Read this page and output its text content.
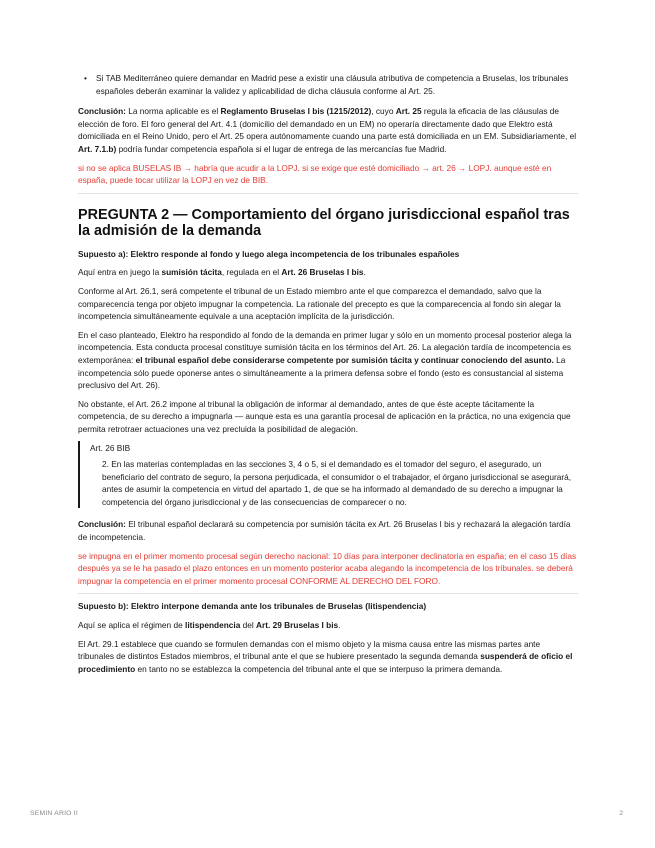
•	Si TAB Mediterráneo quiere demandar en Madrid pese a existir una cláusula atributiva de competencia a Bruselas, los tribunales españoles deberán examinar la validez y aplicabilidad de dicha cláusula conforme al Art. 25.

Conclusión: La norma aplicable es el Reglamento Bruselas I bis (1215/2012), cuyo Art. 25 regula la eficacia de las cláusulas de elección de foro. El foro general del Art. 4.1 (domicilio del demandado en un EM) no operaría directamente dado que Elektro está domiciliada en el Reino Unido, pero el Art. 25 opera autónomamente cuando una parte está domiciliada en un EM. Subsidiariamente, el Art. 7.1.b) podría fundar competencia española si el lugar de entrega de las mercancías fue Madrid.

si no se aplica BUSELAS IB → habría que acudir a la LOPJ. si se exige que esté domiciliado → art. 26 → LOPJ. aunque esté en españa, puede tocar utilizar la LOPJ en vez de BIB.

PREGUNTA 2 — Comportamiento del órgano jurisdiccional español tras la admisión de la demanda
Supuesto a): Elektro responde al fondo y luego alega incompetencia de los tribunales españoles

Aquí entra en juego la sumisión tácita, regulada en el Art. 26 Bruselas I bis.

Conforme al Art. 26.1, será competente el tribunal de un Estado miembro ante el que comparezca el demandado, salvo que la comparecencia tenga por objeto impugnar la competencia. La rationale del precepto es que la comparecencia al fondo sin alegar la incompetencia simultáneamente equivale a una aceptación implícita de la jurisdicción.

En el caso planteado, Elektro ha respondido al fondo de la demanda en primer lugar y sólo en un momento procesal posterior alega la incompetencia. Esta conducta procesal constituye sumisión tácita en los términos del Art. 26. La alegación tardía de incompetencia es extemporánea: el tribunal español debe considerarse competente por sumisión tácita y continuar conociendo del asunto. La incompetencia sólo puede oponerse antes o simultáneamente a la primera defensa sobre el fondo (esto es consustancial al sistema preclusivo del Art. 26).

No obstante, el Art. 26.2 impone al tribunal la obligación de informar al demandado, antes de que éste acepte tácitamente la competencia, de su derecho a impugnarla — aunque esta es una garantía procesal de aplicación en la práctica, no una exigencia que permita retrotraer actuaciones una vez precluida la posibilidad de alegación.

Art. 26 BIB
2. En las materias contempladas en las secciones 3, 4 o 5, si el demandado es el tomador del seguro, el asegurado, un beneficiario del contrato de seguro, la persona perjudicada, el consumidor o el trabajador, el órgano jurisdiccional se asegurará, antes de asumir la competencia en virtud del apartado 1, de que se ha informado al demandado de su derecho a impugnar la competencia del órgano jurisdiccional y de las consecuencias de comparecer o no.

Conclusión: El tribunal español declarará su competencia por sumisión tácita ex Art. 26 Bruselas I bis y rechazará la alegación tardía de incompetencia.

se impugna en el primer momento procesal según derecho nacional: 10 días para interponer declinatoria en españa; en el caso 15 días después ya se le ha pasado el plazo entonces en un momento posterior acaba alegando la incompetencia de los tribunales. se deberá impugnar la competencia en el primer momento procesal CONFORME AL DERECHO DEL FORO.

Supuesto b): Elektro interpone demanda ante los tribunales de Bruselas (litispendencia)

Aquí se aplica el régimen de litispendencia del Art. 29 Bruselas I bis.

El Art. 29.1 establece que cuando se formulen demandas con el mismo objeto y la misma causa entre las mismas partes ante tribunales de distintos Estados miembros, el tribunal ante el que se hubiere presentado la segunda demanda suspenderá de oficio el procedimiento en tanto no se establezca la competencia del tribunal ante el que se interpuso la primera demanda.

SEMIN ARIO II	2
